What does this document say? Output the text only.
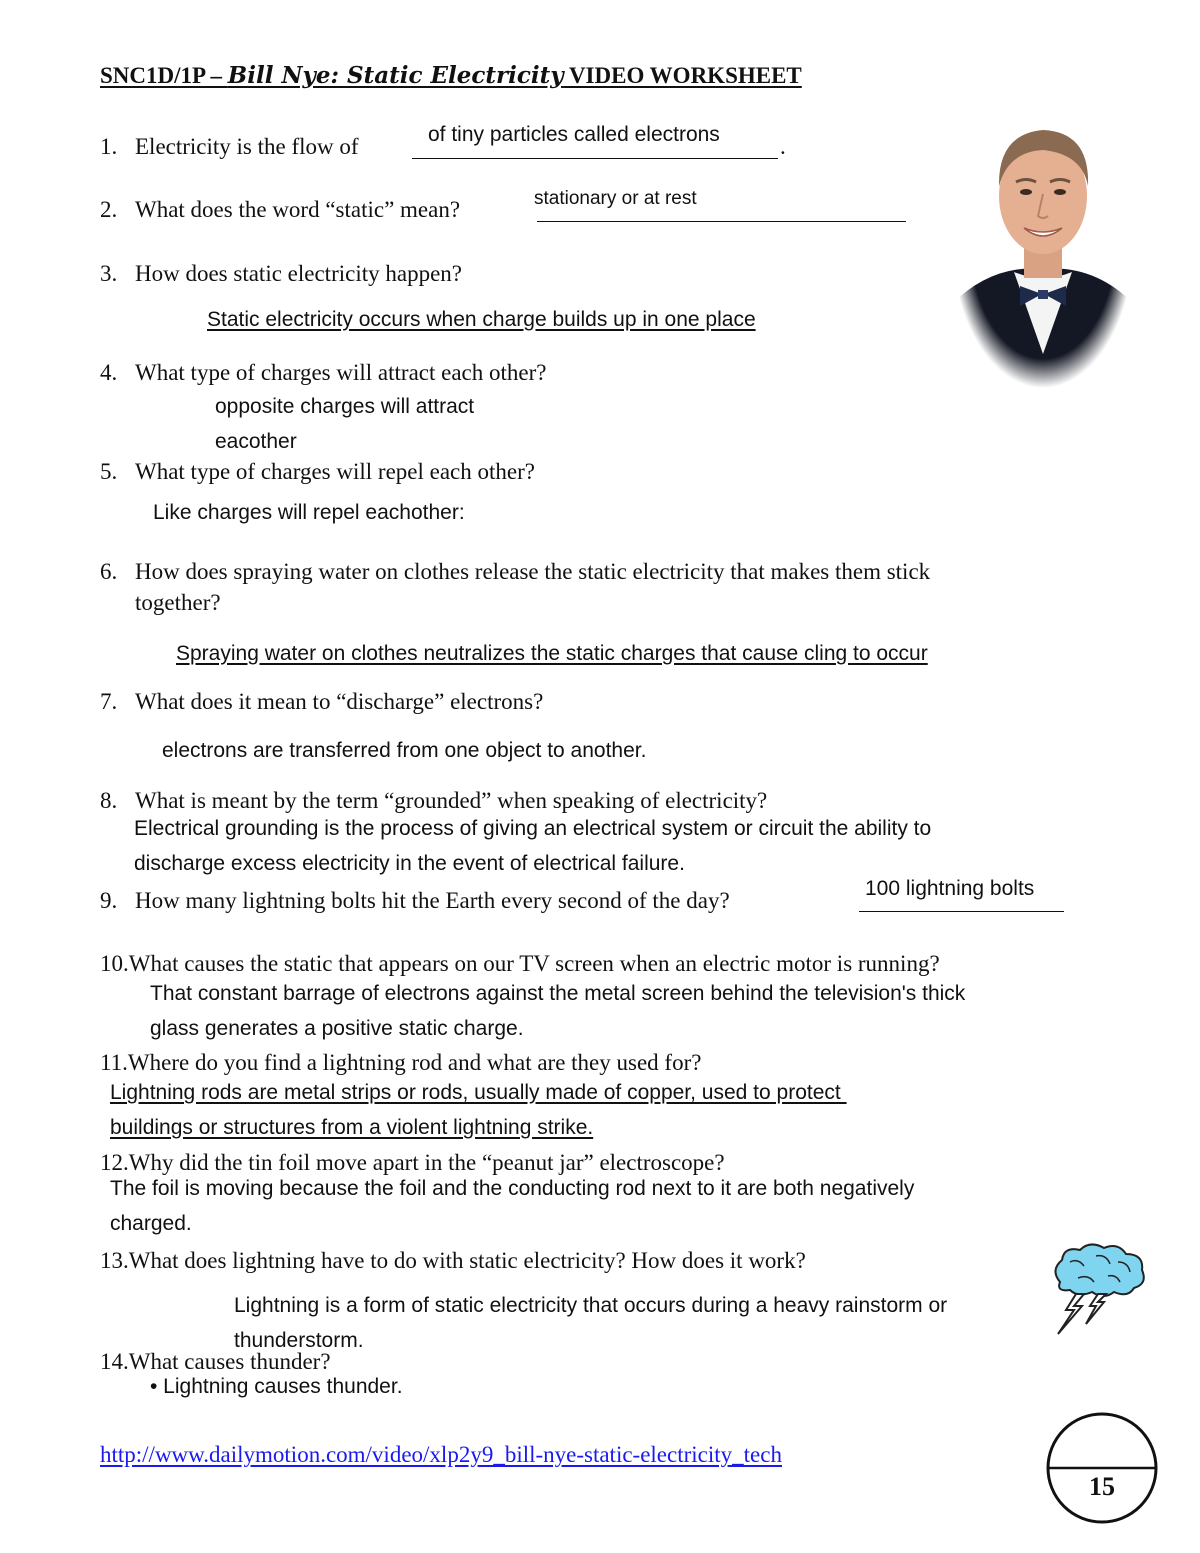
SNC1D/1P – Bill Nye: Static Electricity VIDEO WORKSHEET
1. Electricity is the flow of	.
of tiny particles called electrons
2. What does the word “static” mean?	stationary or at rest
3. How does static electricity happen?
Static electricity occurs when charge builds up in one place
4. What type of charges will attract each other?
opposite charges will attract
eacother
5. What type of charges will repel each other?
Like charges will repel eachother:
6. How does spraying water on clothes release the static electricity that makes them stick
together?
Spraying water on clothes neutralizes the static charges that cause cling to occur
7. What does it mean to “discharge” electrons?
electrons are transferred from one object to another.
8. What is meant by the term “grounded” when speaking of electricity?
Electrical grounding is the process of giving an electrical system or circuit the ability to
discharge excess electricity in the event of electrical failure.
9. How many lightning bolts hit the Earth every second of the day?	100 lightning bolts
10.What causes the static that appears on our TV screen when an electric motor is running?
That constant barrage of electrons against the metal screen behind the television's thick
glass generates a positive static charge.
11.Where do you find a lightning rod and what are they used for?
Lightning rods are metal strips or rods, usually made of copper, used to protect
buildings or structures from a violent lightning strike.
12.Why did the tin foil move apart in the “peanut jar” electroscope?
The foil is moving because the foil and the conducting rod next to it are both negatively
charged.
13.What does lightning have to do with static electricity? How does it work?
Lightning is a form of static electricity that occurs during a heavy rainstorm or
thunderstorm.
14.What causes thunder?
• Lightning causes thunder.
http://www.dailymotion.com/video/xlp2y9_bill-nye-static-electricity_tech
15
